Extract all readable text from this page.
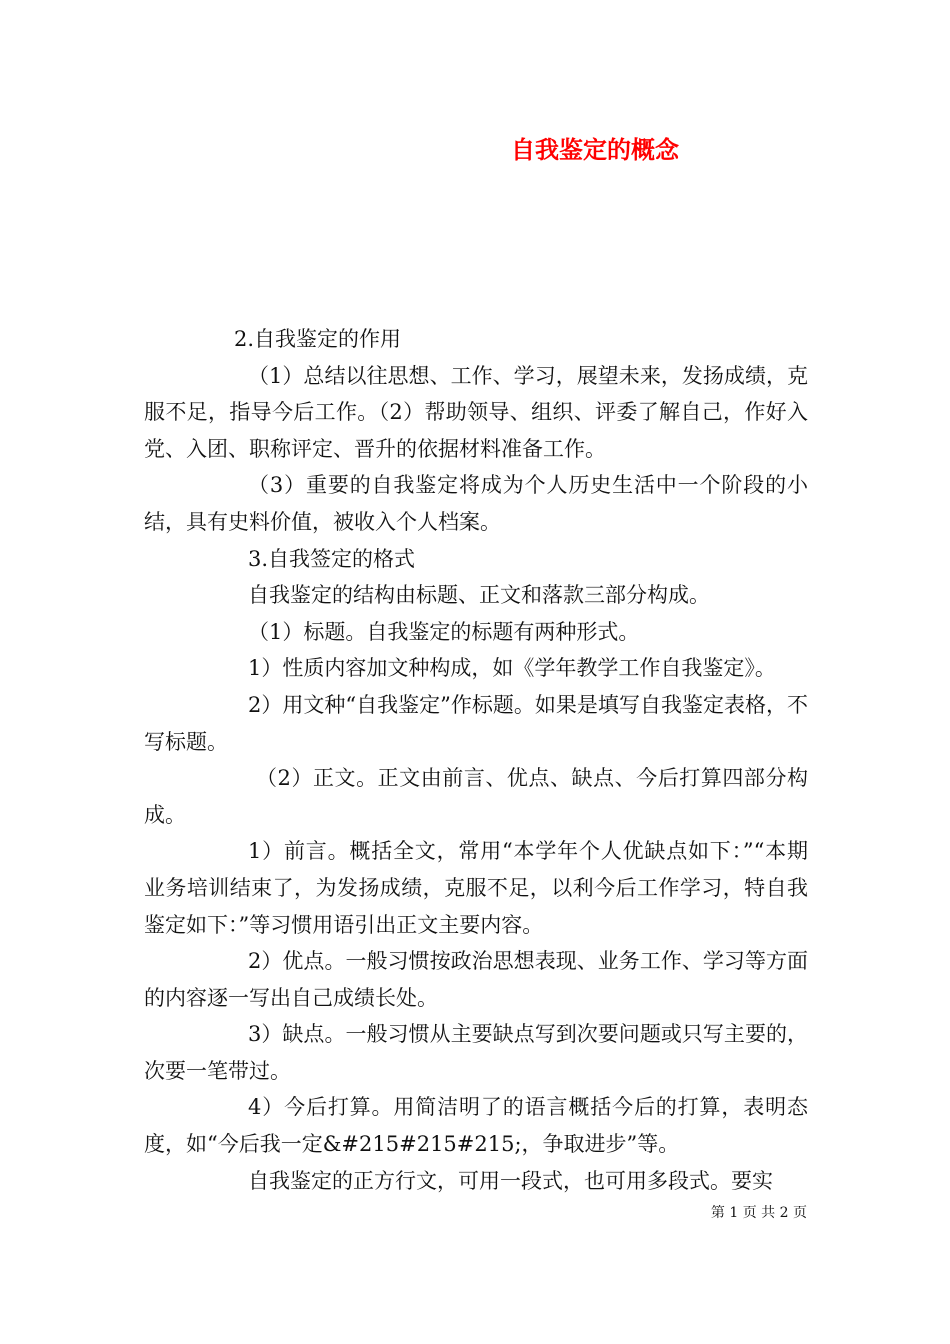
自我鉴定的概念

2.自我鉴定的作用

（1）总结以往思想、工作、学习，展望未来，发扬成绩，克服不足，指导今后工作。（2）帮助领导、组织、评委了解自己，作好入党、入团、职称评定、晋升的依据材料准备工作。

（3）重要的自我鉴定将成为个人历史生活中一个阶段的小结，具有史料价值，被收入个人档案。

3.自我签定的格式

自我鉴定的结构由标题、正文和落款三部分构成。

（1）标题。自我鉴定的标题有两种形式。

1）性质内容加文种构成，如《学年教学工作自我鉴定》。

2）用文种“自我鉴定”作标题。如果是填写自我鉴定表格，不写标题。

（2）正文。正文由前言、优点、缺点、今后打算四部分构成。

1）前言。概括全文，常用“本学年个人优缺点如下：”“本期业务培训结束了，为发扬成绩，克服不足，以利今后工作学习，特自我鉴定如下：”等习惯用语引出正文主要内容。

2）优点。一般习惯按政治思想表现、业务工作、学习等方面的内容逐一写出自己成绩长处。

3）缺点。一般习惯从主要缺点写到次要问题或只写主要的，次要一笔带过。

4）今后打算。用简洁明了的语言概括今后的打算，表明态度，如“今后我一定&#215#215#215;，争取进步”等。

自我鉴定的正方行文，可用一段式，也可用多段式。要实

第 1 页 共 2 页
